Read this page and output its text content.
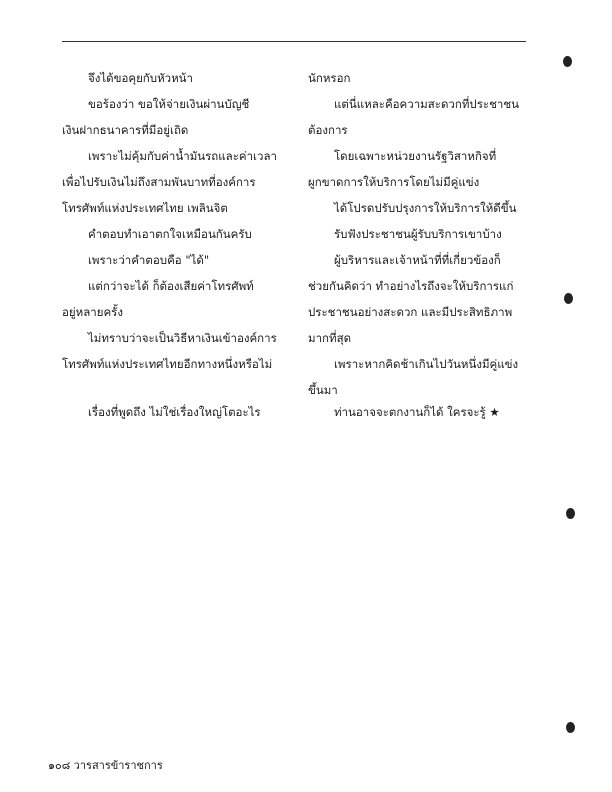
จึงได้ขอคุยกับหัวหน้า
ขอร้องว่า ขอให้จ่ายเงินผ่านบัญชี
เงินฝากธนาคารที่มีอยู่เถิด
เพราะไม่คุ้มกับค่าน้ำมันรถและค่าเวลา
เพื่อไปรับเงินไม่ถึงสามพันบาทที่องค์การ
โทรศัพท์แห่งประเทศไทย เพลินจิต
คำตอบทำเอาตกใจเหมือนกันครับ
เพราะว่าคำตอบคือ "ได้"
แต่กว่าจะได้ ก็ต้องเสียค่าโทรศัพท์
อยู่หลายครั้ง
ไม่ทราบว่าจะเป็นวิธีหาเงินเข้าองค์การ
โทรศัพท์แห่งประเทศไทยอีกทางหนึ่งหรือไม่
เรื่องที่พูดถึง ไม่ใช่เรื่องใหญ่โตอะไร
นักหรอก
แต่นี่แหละคือความสะดวกที่ประชาชน
ต้องการ
โดยเฉพาะหน่วยงานรัฐวิสาหกิจที่
ผูกขาดการให้บริการโดยไม่มีคู่แข่ง
ได้โปรดปรับปรุงการให้บริการให้ดีขึ้น
รับฟังประชาชนผู้รับบริการเขาบ้าง
ผู้บริหารและเจ้าหน้าที่ที่เกี่ยวข้องก็
ช่วยกันคิดว่า ทำอย่างไรถึงจะให้บริการแก่
ประชาชนอย่างสะดวก และมีประสิทธิภาพ
มากที่สุด
เพราะหากคิดช้าเกินไปวันหนึ่งมีคู่แข่ง
ขึ้นมา
ท่านอาจจะตกงานก็ได้ ใครจะรู้ ★
๑๐๘ วารสารข้าราชการ
